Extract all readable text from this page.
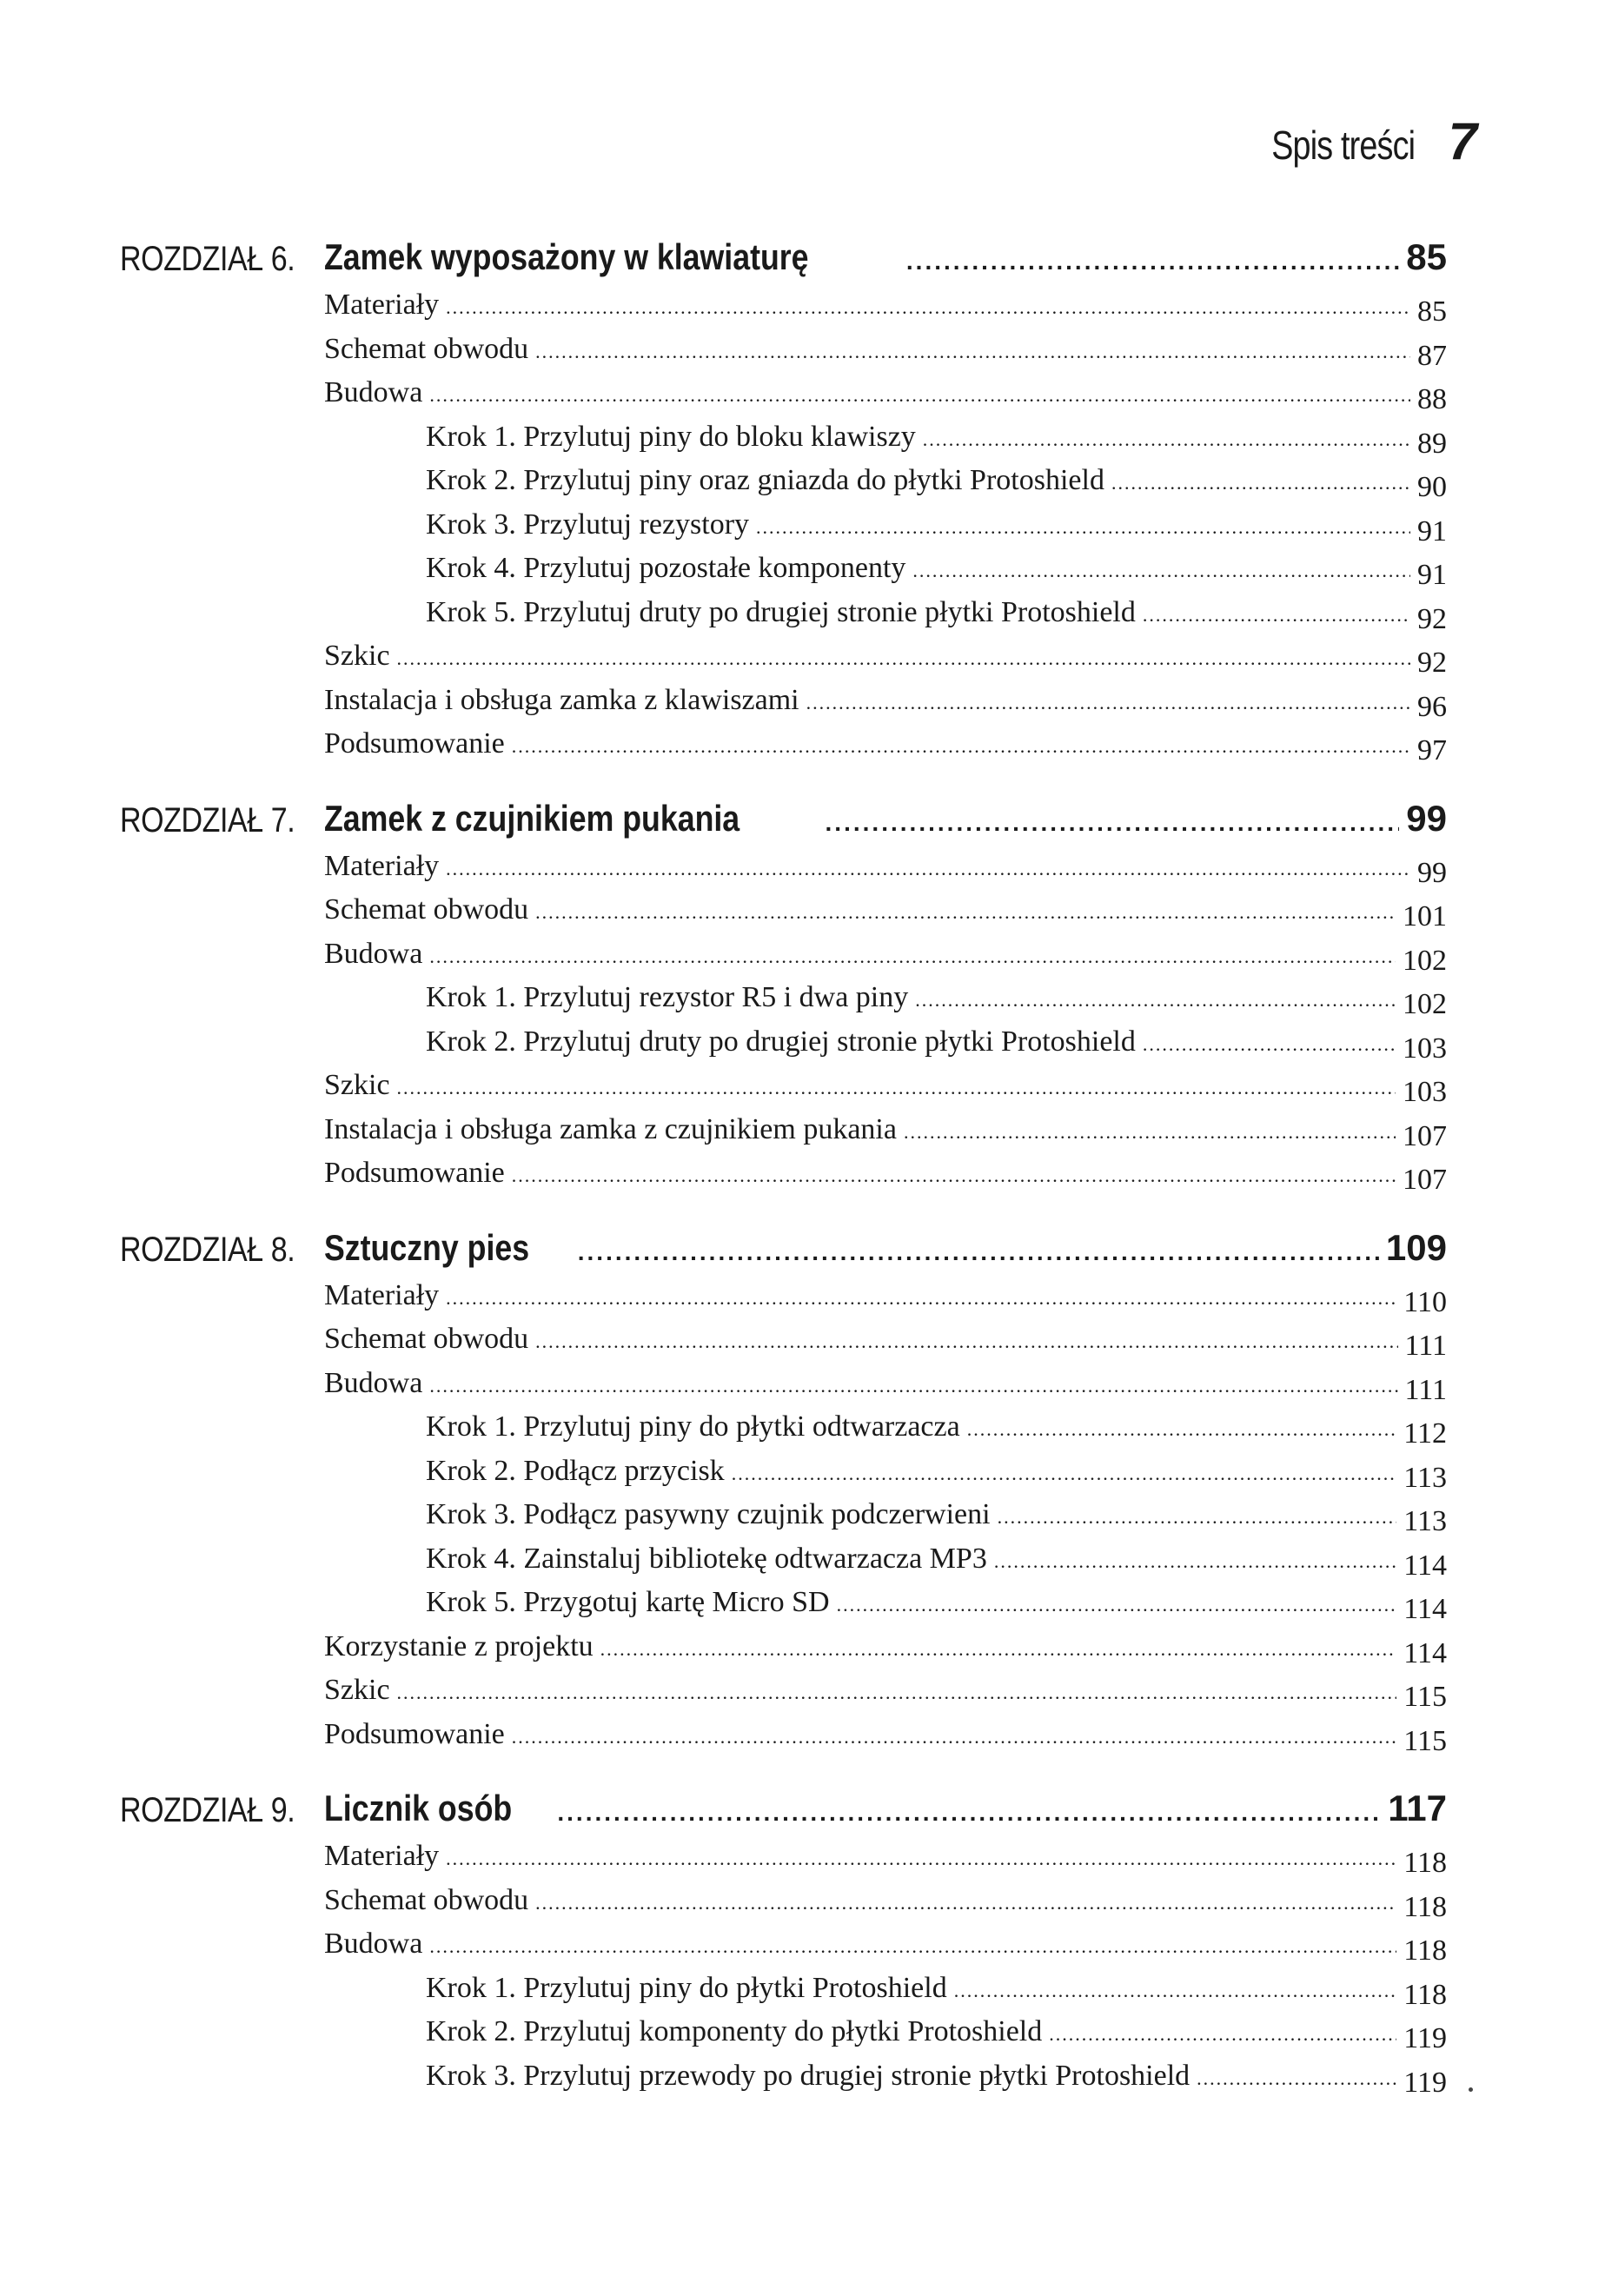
Spis treści 7
ROZDZIAŁ 6. Zamek wyposażony w klawiaturę .....	85
Materiały .....	85
Schemat obwodu .....	87
Budowa .....	88
Krok 1. Przylutuj piny do bloku klawiszy .....	89
Krok 2. Przylutuj piny oraz gniazda do płytki Protoshield .....	90
Krok 3. Przylutuj rezystory .....	91
Krok 4. Przylutuj pozostałe komponenty .....	91
Krok 5. Przylutuj druty po drugiej stronie płytki Protoshield .....	92
Szkic .....	92
Instalacja i obsługa zamka z klawiszami .....	96
Podsumowanie .....	97
ROZDZIAŁ 7. Zamek z czujnikiem pukania .....	99
Materiały .....	99
Schemat obwodu .....	101
Budowa .....	102
Krok 1. Przylutuj rezystor R5 i dwa piny .....	102
Krok 2. Przylutuj druty po drugiej stronie płytki Protoshield .....	103
Szkic .....	103
Instalacja i obsługa zamka z czujnikiem pukania .....	107
Podsumowanie .....	107
ROZDZIAŁ 8. Sztuczny pies .....	109
Materiały .....	110
Schemat obwodu .....	111
Budowa .....	111
Krok 1. Przylutuj piny do płytki odtwarzacza .....	112
Krok 2. Podłącz przycisk .....	113
Krok 3. Podłącz pasywny czujnik podczerwieni .....	113
Krok 4. Zainstaluj bibliotekę odtwarzacza MP3 .....	114
Krok 5. Przygotuj kartę Micro SD .....	114
Korzystanie z projektu .....	114
Szkic .....	115
Podsumowanie .....	115
ROZDZIAŁ 9. Licznik osób .....	117
Materiały .....	118
Schemat obwodu .....	118
Budowa .....	118
Krok 1. Przylutuj piny do płytki Protoshield .....	118
Krok 2. Przylutuj komponenty do płytki Protoshield .....	119
Krok 3. Przylutuj przewody po drugiej stronie płytki Protoshield .....	119
